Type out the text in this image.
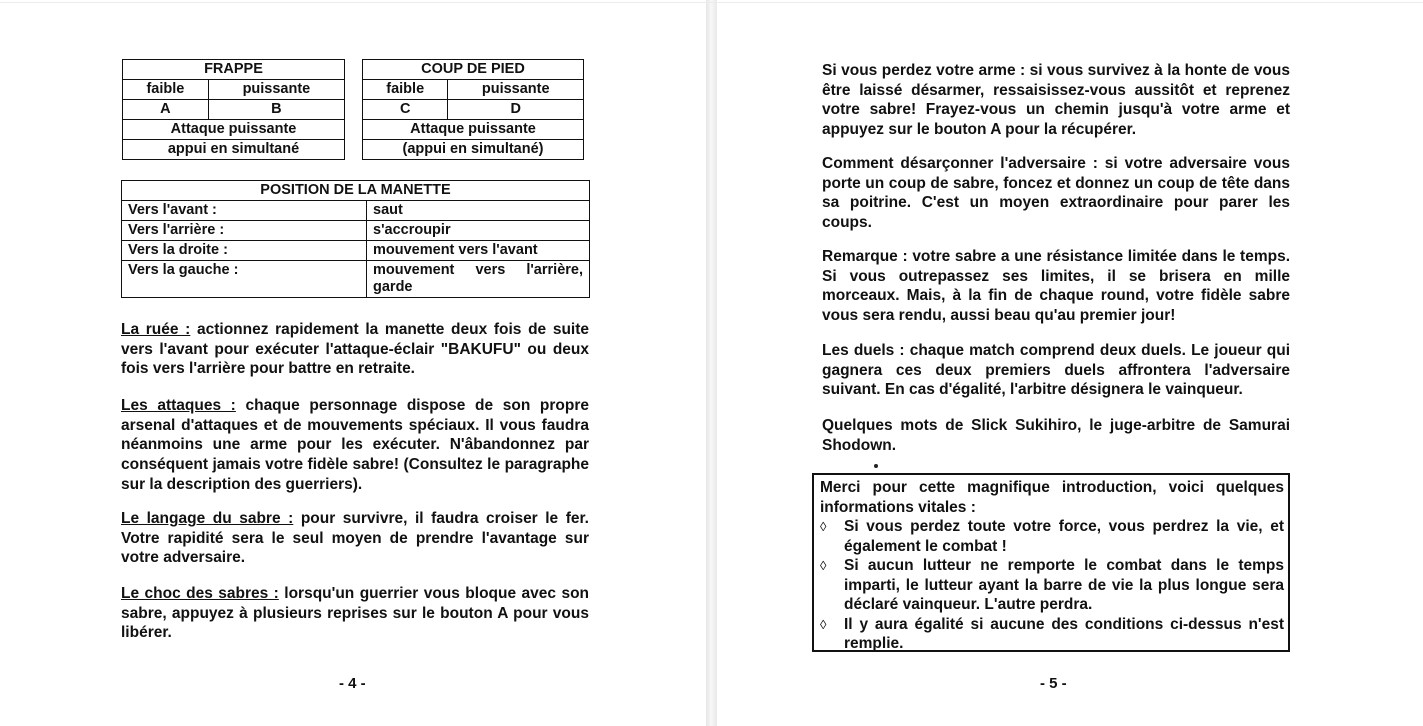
FRAPPE	
faible	puissante
A	B
Attaque puissante	
appui en simultané	
COUP DE PIED	
faible	puissante
C	D
Attaque puissante	
(appui en simultané)	
POSITION DE LA MANETTE	
Vers l'avant :	saut
Vers l'arrière :	s'accroupir
Vers la droite :	mouvement vers l'avant
Vers la gauche :	mouvement vers l'arrière, garde

La ruée : actionnez rapidement la manette deux fois de suite vers l'avant pour exécuter l'attaque-éclair "BAKUFU" ou deux fois vers l'arrière pour battre en retraite.

Les attaques : chaque personnage dispose de son propre arsenal d'attaques et de mouvements spéciaux. Il vous faudra néanmoins une arme pour les exécuter. N'âbandonnez par conséquent jamais votre fidèle sabre! (Consultez le paragraphe sur la description des guerriers).

Le langage du sabre : pour survivre, il faudra croiser le fer. Votre rapidité sera le seul moyen de prendre l'avantage sur votre adversaire.

Le choc des sabres : lorsqu'un guerrier vous bloque avec son sabre, appuyez à plusieurs reprises sur le bouton A pour vous libérer.

- 4 -

Si vous perdez votre arme : si vous survivez à la honte de vous être laissé désarmer, ressaisissez-vous aussitôt et reprenez votre sabre! Frayez-vous un chemin jusqu'à votre arme et appuyez sur le bouton A pour la récupérer.

Comment désarçonner l'adversaire : si votre adversaire vous porte un coup de sabre, foncez et donnez un coup de tête dans sa poitrine. C'est un moyen extraordinaire pour parer les coups.

Remarque : votre sabre a une résistance limitée dans le temps. Si vous outrepassez ses limites, il se brisera en mille morceaux. Mais, à la fin de chaque round, votre fidèle sabre vous sera rendu, aussi beau qu'au premier jour!

Les duels : chaque match comprend deux duels. Le joueur qui gagnera ces deux premiers duels affrontera l'adversaire suivant. En cas d'égalité, l'arbitre désignera le vainqueur.

Quelques mots de Slick Sukihiro, le juge-arbitre de Samurai Shodown.

Merci pour cette magnifique introduction, voici quelques informations vitales :

◊ Si vous perdez toute votre force, vous perdrez la vie, et également le combat !
◊ Si aucun lutteur ne remporte le combat dans le temps imparti, le lutteur ayant la barre de vie la plus longue sera déclaré vainqueur. L'autre perdra.
◊ Il y aura égalité si aucune des conditions ci-dessus n'est remplie.
- 5 -
